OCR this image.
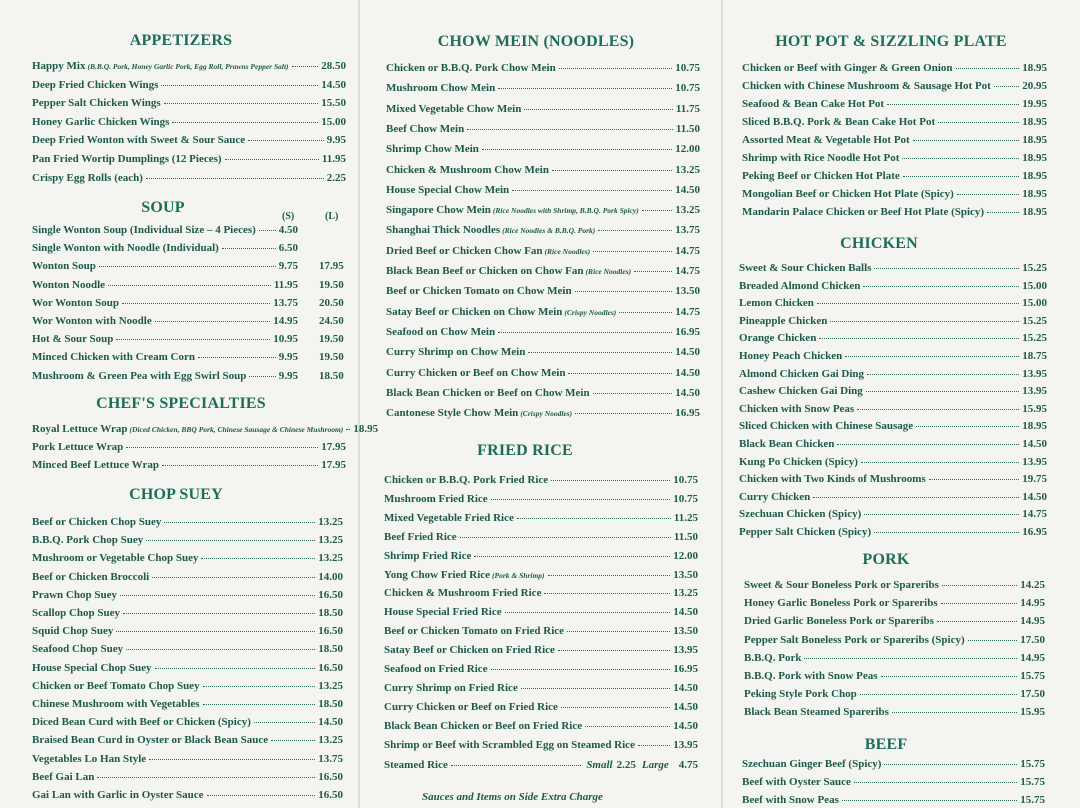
APPETIZERS
Happy Mix (B.B.Q. Pork, Honey Garlic Pork, Egg Roll, Prawns Pepper Salt)	28.50
Deep Fried Chicken Wings	14.50
Pepper Salt Chicken Wings	15.50
Honey Garlic Chicken Wings	15.00
Deep Fried Wonton with Sweet & Sour Sauce	9.95
Pan Fried Wortip Dumplings (12 Pieces)	11.95
Crispy Egg Rolls (each)	2.25
SOUP
(S)	(L)
Single Wonton Soup (Individual Size – 4 Pieces) 4.50
Single Wonton with Noodle (Individual)	6.50
Wonton Soup	9.75 17.95
Wonton Noodle	11.95 19.50
Wor Wonton Soup	13.75 20.50
Wor Wonton with Noodle	14.95 24.50
Hot & Sour Soup	10.95 19.50
Minced Chicken with Cream Corn	9.95 19.50
Mushroom & Green Pea with Egg Swirl Soup	9.95 18.50
CHEF'S SPECIALTIES
Royal Lettuce Wrap (Diced Chicken, BBQ Pork, Chinese Sausage & Chinese Mushroom) 18.95
Pork Lettuce Wrap	17.95
Minced Beef Lettuce Wrap	17.95
CHOP SUEY
Beef or Chicken Chop Suey	13.25
B.B.Q. Pork Chop Suey	13.25
Mushroom or Vegetable Chop Suey	13.25
Beef or Chicken Broccoli	14.00
Prawn Chop Suey	16.50
Scallop Chop Suey	18.50
Squid Chop Suey	16.50
Seafood Chop Suey	18.50
House Special Chop Suey	16.50
Chicken or Beef Tomato Chop Suey	13.25
Chinese Mushroom with Vegetables	18.50
Diced Bean Curd with Beef or Chicken (Spicy)	14.50
Braised Bean Curd in Oyster or Black Bean Sauce	13.25
Vegetables Lo Han Style	13.75
Beef Gai Lan	16.50
Gai Lan with Garlic in Oyster Sauce	16.50
CHOW MEIN (NOODLES)
Chicken or B.B.Q. Pork Chow Mein	10.75
Mushroom Chow Mein	10.75
Mixed Vegetable Chow Mein	11.75
Beef Chow Mein	11.50
Shrimp Chow Mein	12.00
Chicken & Mushroom Chow Mein	13.25
House Special Chow Mein	14.50
Singapore Chow Mein (Rice Noodles with Shrimp, B.B.Q. Pork Spicy)	13.25
Shanghai Thick Noodles (Rice Noodles & B.B.Q. Pork)	13.75
Dried Beef or Chicken Chow Fan (Rice Noodles)	14.75
Black Bean Beef or Chicken on Chow Fan (Rice Noodles)	14.75
Beef or Chicken Tomato on Chow Mein	13.50
Satay Beef or Chicken on Chow Mein (Crispy Noodles)	14.75
Seafood on Chow Mein	16.95
Curry Shrimp on Chow Mein	14.50
Curry Chicken or Beef on Chow Mein	14.50
Black Bean Chicken or Beef on Chow Mein	14.50
Cantonese Style Chow Mein (Crispy Noodles)	16.95
FRIED RICE
Chicken or B.B.Q. Pork Fried Rice	10.75
Mushroom Fried Rice	10.75
Mixed Vegetable Fried Rice	11.25
Beef Fried Rice	11.50
Shrimp Fried Rice	12.00
Yong Chow Fried Rice (Pork & Shrimp)	13.50
Chicken & Mushroom Fried Rice	13.25
House Special Fried Rice	14.50
Beef or Chicken Tomato on Fried Rice	13.50
Satay Beef or Chicken on Fried Rice	13.95
Seafood on Fried Rice	16.95
Curry Shrimp on Fried Rice	14.50
Curry Chicken or Beef on Fried Rice	14.50
Black Bean Chicken or Beef on Fried Rice	14.50
Shrimp or Beef with Scrambled Egg on Steamed Rice	13.95
Steamed Rice	Small 2.25 Large 4.75
Sauces and Items on Side Extra Charge
HOT POT & SIZZLING PLATE
Chicken or Beef with Ginger & Green Onion	18.95
Chicken with Chinese Mushroom & Sausage Hot Pot	20.95
Seafood & Bean Cake Hot Pot	19.95
Sliced B.B.Q. Pork & Bean Cake Hot Pot	18.95
Assorted Meat & Vegetable Hot Pot	18.95
Shrimp with Rice Noodle Hot Pot	18.95
Peking Beef or Chicken Hot Plate	18.95
Mongolian Beef or Chicken Hot Plate (Spicy)	18.95
Mandarin Palace Chicken or Beef Hot Plate (Spicy)	18.95
CHICKEN
Sweet & Sour Chicken Balls	15.25
Breaded Almond Chicken	15.00
Lemon Chicken	15.00
Pineapple Chicken	15.25
Orange Chicken	15.25
Honey Peach Chicken	18.75
Almond Chicken Gai Ding	13.95
Cashew Chicken Gai Ding	13.95
Chicken with Snow Peas	15.95
Sliced Chicken with Chinese Sausage	18.95
Black Bean Chicken	14.50
Kung Po Chicken (Spicy)	13.95
Chicken with Two Kinds of Mushrooms	19.75
Curry Chicken	14.50
Szechuan Chicken (Spicy)	14.75
Pepper Salt Chicken (Spicy)	16.95
PORK
Sweet & Sour Boneless Pork or Spareribs	14.25
Honey Garlic Boneless Pork or Spareribs	14.95
Dried Garlic Boneless Pork or Spareribs	14.95
Pepper Salt Boneless Pork or Spareribs (Spicy)	17.50
B.B.Q. Pork	14.95
B.B.Q. Pork with Snow Peas	15.75
Peking Style Pork Chop	17.50
Black Bean Steamed Spareribs	15.95
BEEF
Szechuan Ginger Beef (Spicy)	15.75
Beef with Oyster Sauce	15.75
Beef with Snow Peas	15.75
